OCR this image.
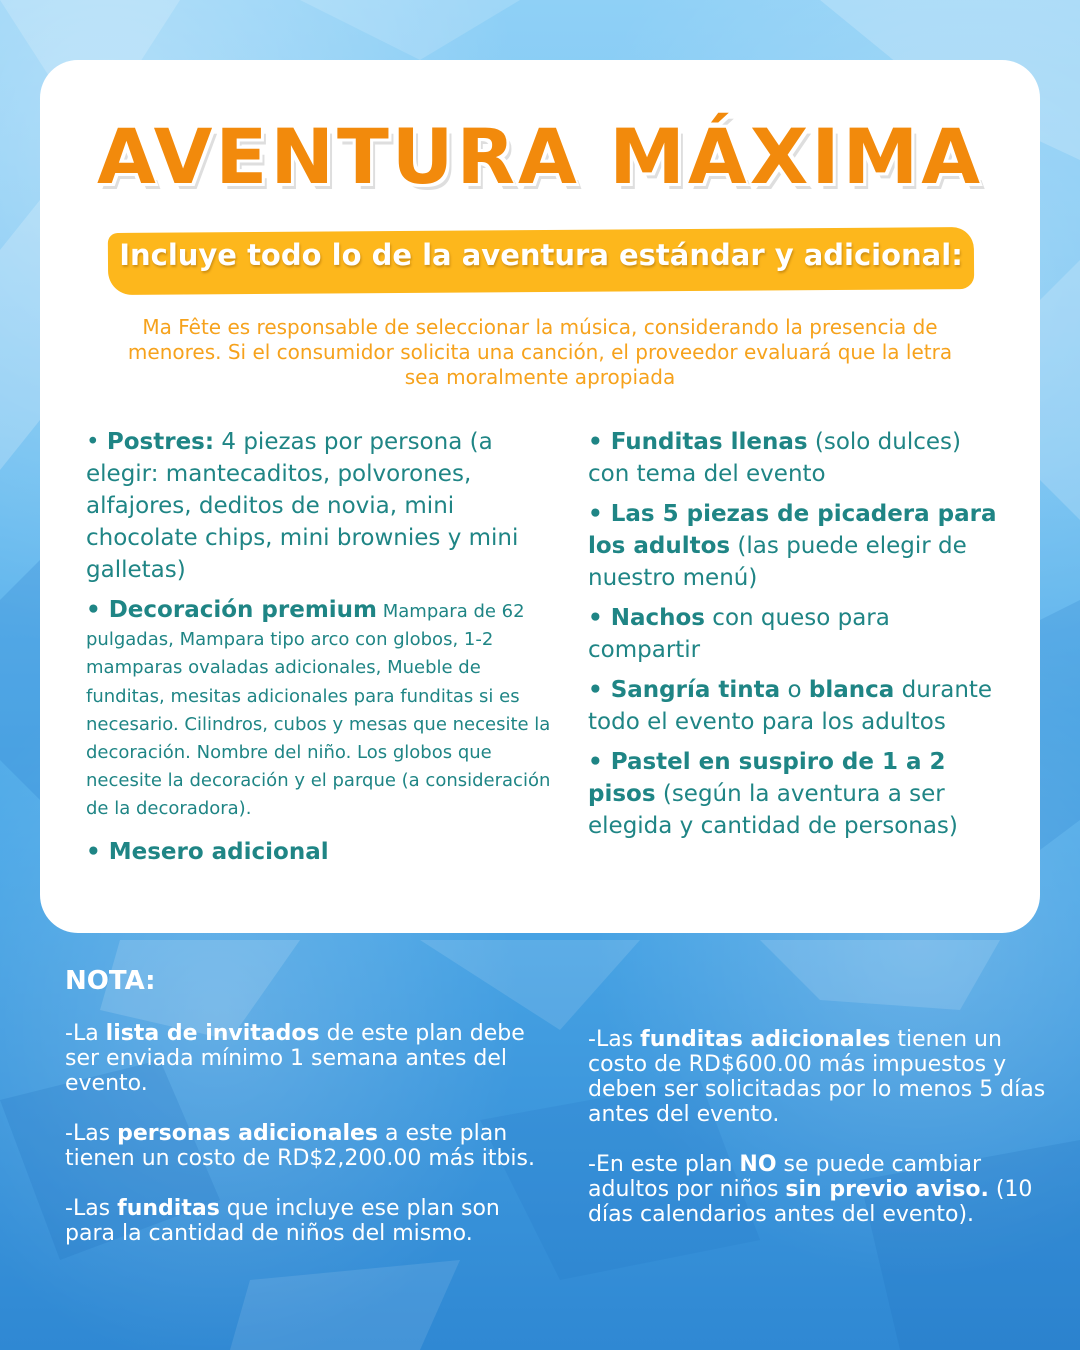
AVENTURA MÁXIMA
Incluye todo lo de la aventura estándar y adicional:
Ma Fête es responsable de seleccionar la música, considerando la presencia de menores. Si el consumidor solicita una canción, el proveedor evaluará que la letra sea moralmente apropiada
• Postres: 4 piezas por persona (a elegir: mantecaditos, polvorones, alfajores, deditos de novia, mini chocolate chips, mini brownies y mini galletas)
• Decoración premium Mampara de 62 pulgadas, Mampara tipo arco con globos, 1-2 mamparas ovaladas adicionales, Mueble de funditas, mesitas adicionales para funditas si es necesario. Cilindros, cubos y mesas que necesite la decoración. Nombre del niño. Los globos que necesite la decoración y el parque (a consideración de la decoradora).
• Mesero adicional
• Funditas llenas (solo dulces) con tema del evento
• Las 5 piezas de picadera para los adultos (las puede elegir de nuestro menú)
• Nachos con queso para compartir
• Sangría tinta o blanca durante todo el evento para los adultos
• Pastel en suspiro de 1 a 2 pisos (según la aventura a ser elegida y cantidad de personas)
NOTA:
-La lista de invitados de este plan debe ser enviada mínimo 1 semana antes del evento.
-Las personas adicionales a este plan tienen un costo de RD$2,200.00 más itbis.
-Las funditas que incluye ese plan son para la cantidad de niños del mismo.
-Las funditas adicionales tienen un costo de RD$600.00 más impuestos y deben ser solicitadas por lo menos 5 días antes del evento.
-En este plan NO se puede cambiar adultos por niños sin previo aviso. (10 días calendarios antes del evento).
